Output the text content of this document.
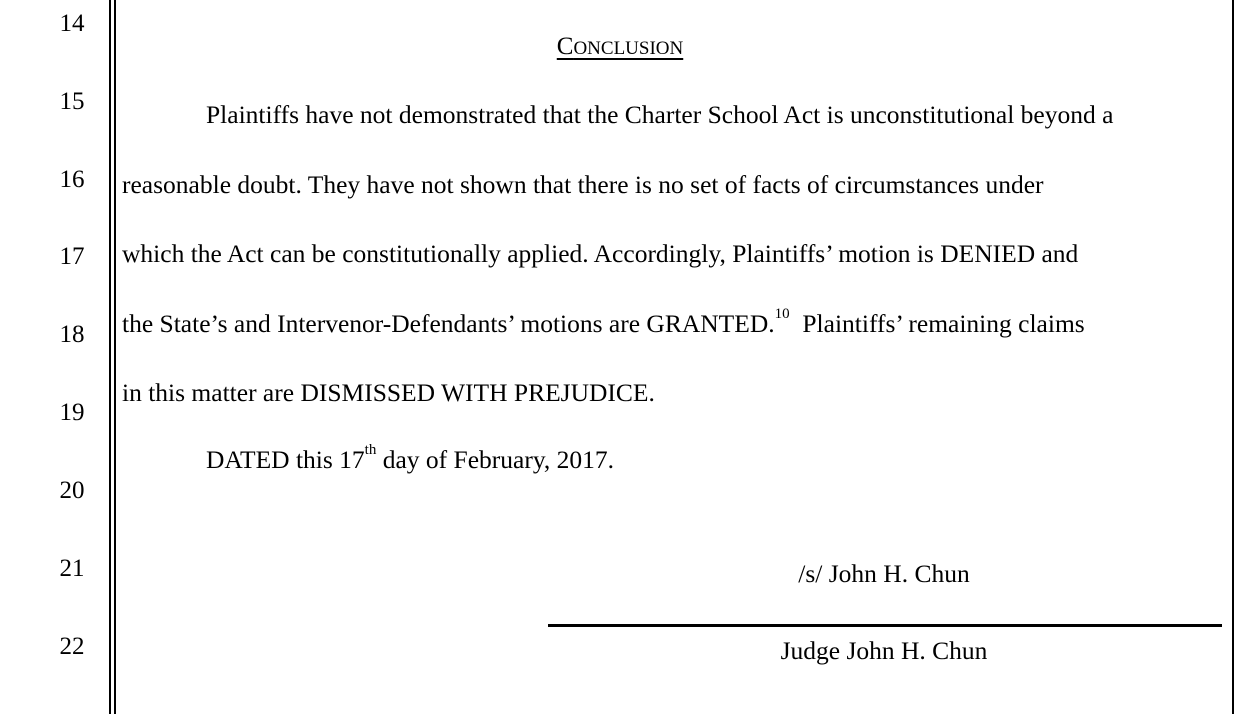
14
15
16
17
18
19
20
21
22
CONCLUSION
Plaintiffs have not demonstrated that the Charter School Act is unconstitutional beyond a
reasonable doubt. They have not shown that there is no set of facts of circumstances under
which the Act can be constitutionally applied. Accordingly, Plaintiffs’ motion is DENIED and
the State’s and Intervenor-Defendants’ motions are GRANTED.$^{10}$  Plaintiffs’ remaining claims
in this matter are DISMISSED WITH PREJUDICE.
DATED this 17th day of February, 2017.
/s/ John H. Chun
Judge John H. Chun
